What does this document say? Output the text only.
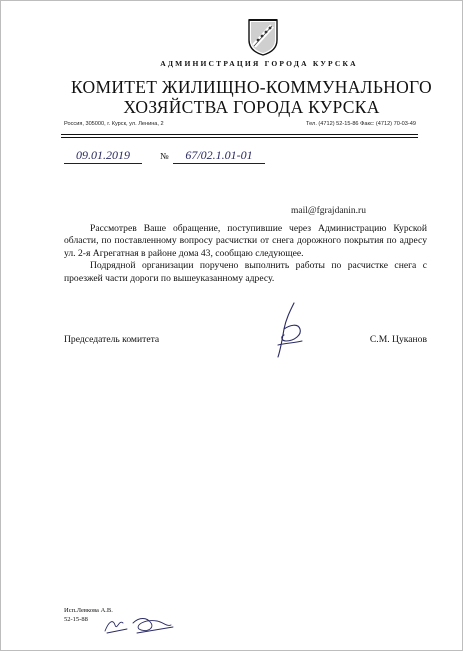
АДМИНИСТРАЦИЯ ГОРОДА КУРСКА
КОМИТЕТ ЖИЛИЩНО-КОММУНАЛЬНОГО
ХОЗЯЙСТВА ГОРОДА КУРСКА
Россия, 305000, г. Курск, ул. Ленина, 2	Тел. (4712) 52-15-86 Факс: (4712) 70-03-49
09.01.2019	№	67/02.1.01-01
mail@fgrajdanin.ru

Рассмотрев Ваше обращение, поступившие через Администрацию Курской области, по поставленному вопросу расчистки от снега дорожного покрытия по адресу ул. 2-я Агрегатная в районе дома 43, сообщаю следующее.

Подрядной организации поручено выполнить работы по расчистке снега с проезжей части дороги по вышеуказанному адресу.

Председатель комитета	С.М. Цуканов
Исп.Левкова А.В.
52-15-88
